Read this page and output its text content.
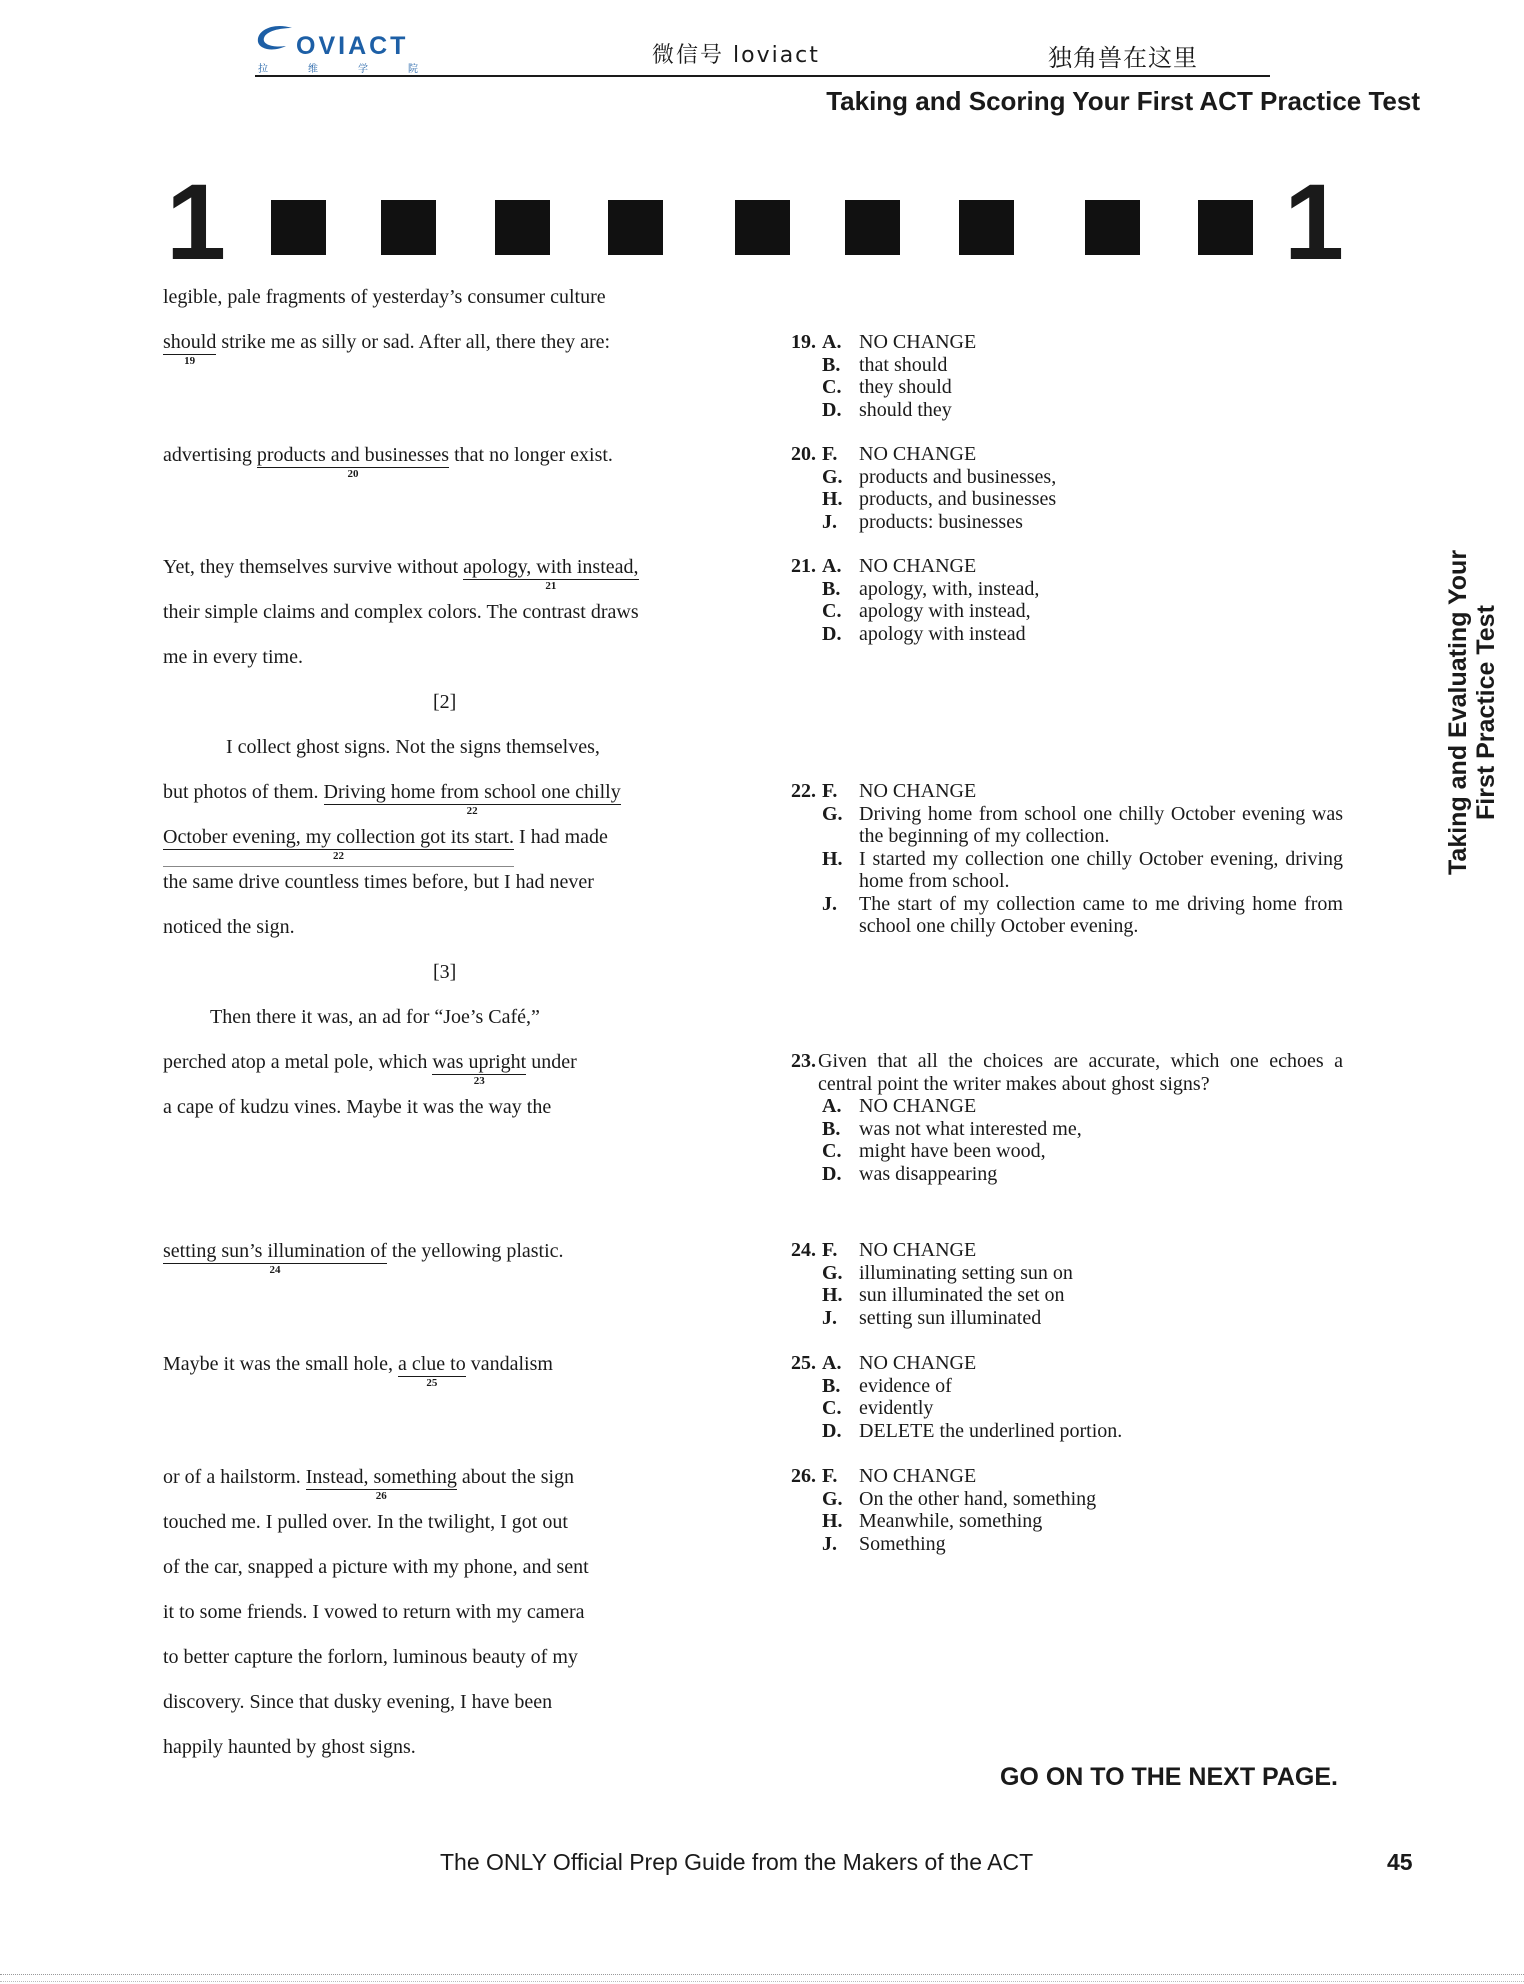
OVIACT
拉	维	学	院
微信号 loviact	独角兽在这里
Taking and Scoring Your First ACT Practice Test
1	1
legible, pale fragments of yesterday’s consumer culture
should
19
strike me as silly or sad. After all, there they are:
advertising products and businesses
20
that no longer exist.
Yet, they themselves survive without apology, with instead,
21
their simple claims and complex colors. The contrast draws
me in every time.
[2]
I collect ghost signs. Not the signs themselves,
but photos of them. Driving home from school one chilly
22
October evening, my collection got its start.
22
I had made
the same drive countless times before, but I had never
noticed the sign.
[3]
Then there it was, an ad for “Joe’s Café,”
perched atop a metal pole, which was upright
23
under
a cape of kudzu vines. Maybe it was the way the
setting sun’s illumination of
24
the yellowing plastic.
Maybe it was the small hole, a clue to
25
vandalism
or of a hailstorm. Instead, something
26
about the sign
touched me. I pulled over. In the twilight, I got out
of the car, snapped a picture with my phone, and sent
it to some friends. I vowed to return with my camera
to better capture the forlorn, luminous beauty of my
discovery. Since that dusky evening, I have been
happily haunted by ghost signs.
19. A. NO CHANGE
B. that should
C. they should
D. should they
20. F. NO CHANGE
G. products and businesses,
H. products, and businesses
J. products: businesses
21. A. NO CHANGE
B. apology, with, instead,
C. apology with instead,
D. apology with instead
22. F. NO CHANGE
G. Driving home from school one chilly October evening was the beginning of my collection.
H. I started my collection one chilly October evening, driving home from school.
J. The start of my collection came to me driving home from school one chilly October evening.
23. Given that all the choices are accurate, which one echoes a central point the writer makes about ghost signs?
A. NO CHANGE
B. was not what interested me,
C. might have been wood,
D. was disappearing
24. F. NO CHANGE
G. illuminating setting sun on
H. sun illuminated the set on
J. setting sun illuminated
25. A. NO CHANGE
B. evidence of
C. evidently
D. DELETE the underlined portion.
26. F. NO CHANGE
G. On the other hand, something
H. Meanwhile, something
J. Something
Taking and Evaluating Your First Practice Test
GO ON TO THE NEXT PAGE.
The ONLY Official Prep Guide from the Makers of the ACT	45
